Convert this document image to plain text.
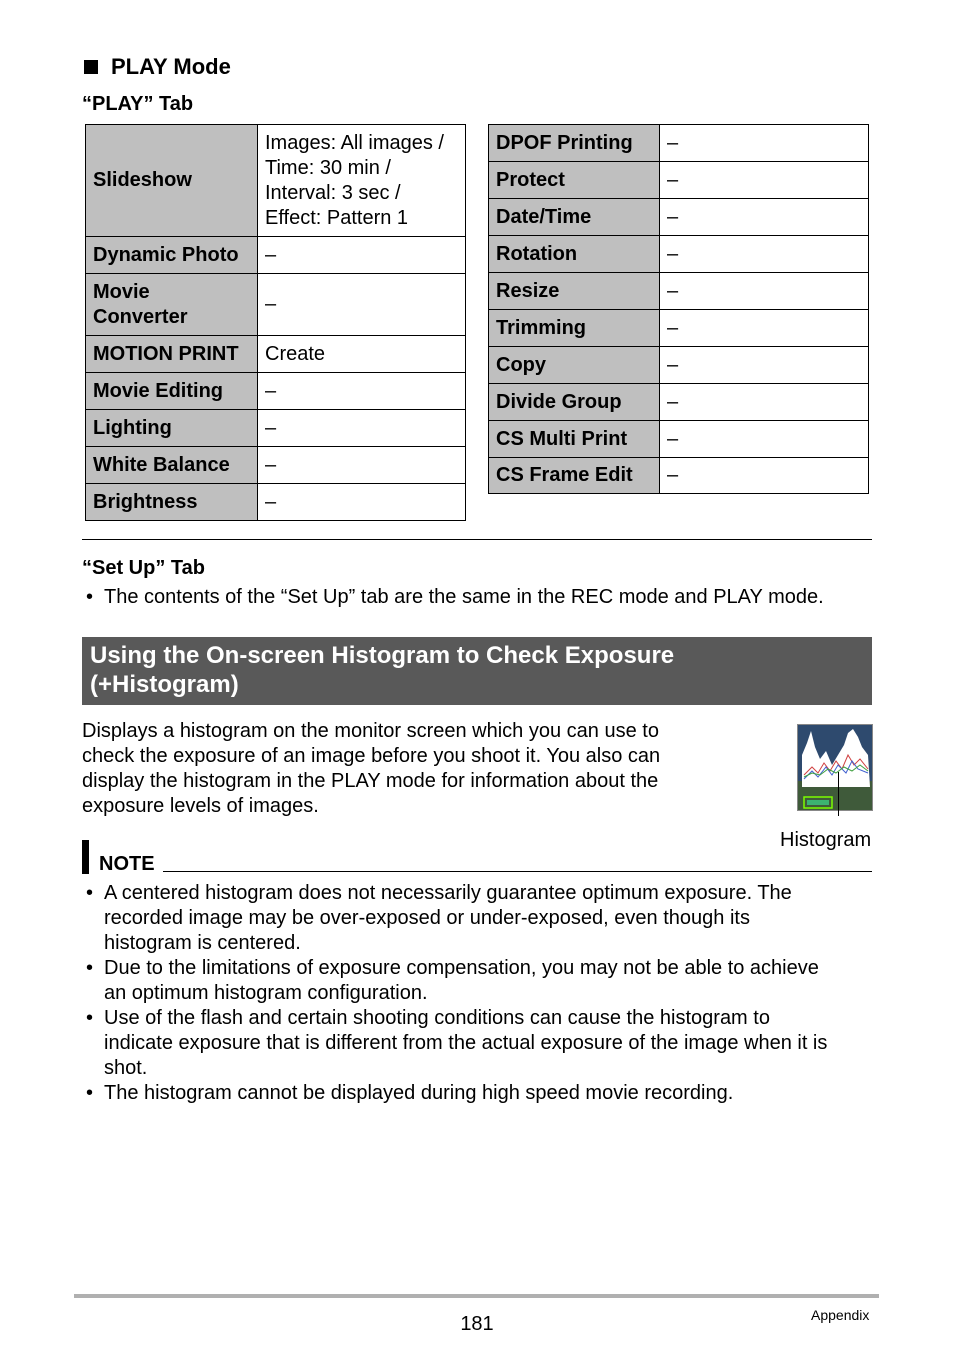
PLAY Mode
“PLAY” Tab
Slideshow	Images: All images /
Time: 30 min /
Interval: 3 sec /
Effect: Pattern 1

Dynamic Photo	–

Movie
Converter	–
MOTION PRINT	Create
Movie Editing	–
Lighting	–
White Balance	–
Brightness	–
DPOF Printing	–
Protect	–
Date/Time	–
Rotation	–
Resize	–
Trimming	–
Copy	–
Divide Group	–
CS Multi Print	–
CS Frame Edit	–
“Set Up” Tab
• The contents of the “Set Up” tab are the same in the REC mode and PLAY mode.
Using the On-screen Histogram to Check Exposure
(+Histogram)
Displays a histogram on the monitor screen which you can use to
check the exposure of an image before you shoot it. You also can
display the histogram in the PLAY mode for information about the
exposure levels of images.
Histogram
NOTE
• A centered histogram does not necessarily guarantee optimum exposure. The
recorded image may be over-exposed or under-exposed, even though its
histogram is centered.
• Due to the limitations of exposure compensation, you may not be able to achieve
an optimum histogram configuration.
• Use of the flash and certain shooting conditions can cause the histogram to
indicate exposure that is different from the actual exposure of the image when it is
shot.
• The histogram cannot be displayed during high speed movie recording.
181	Appendix
